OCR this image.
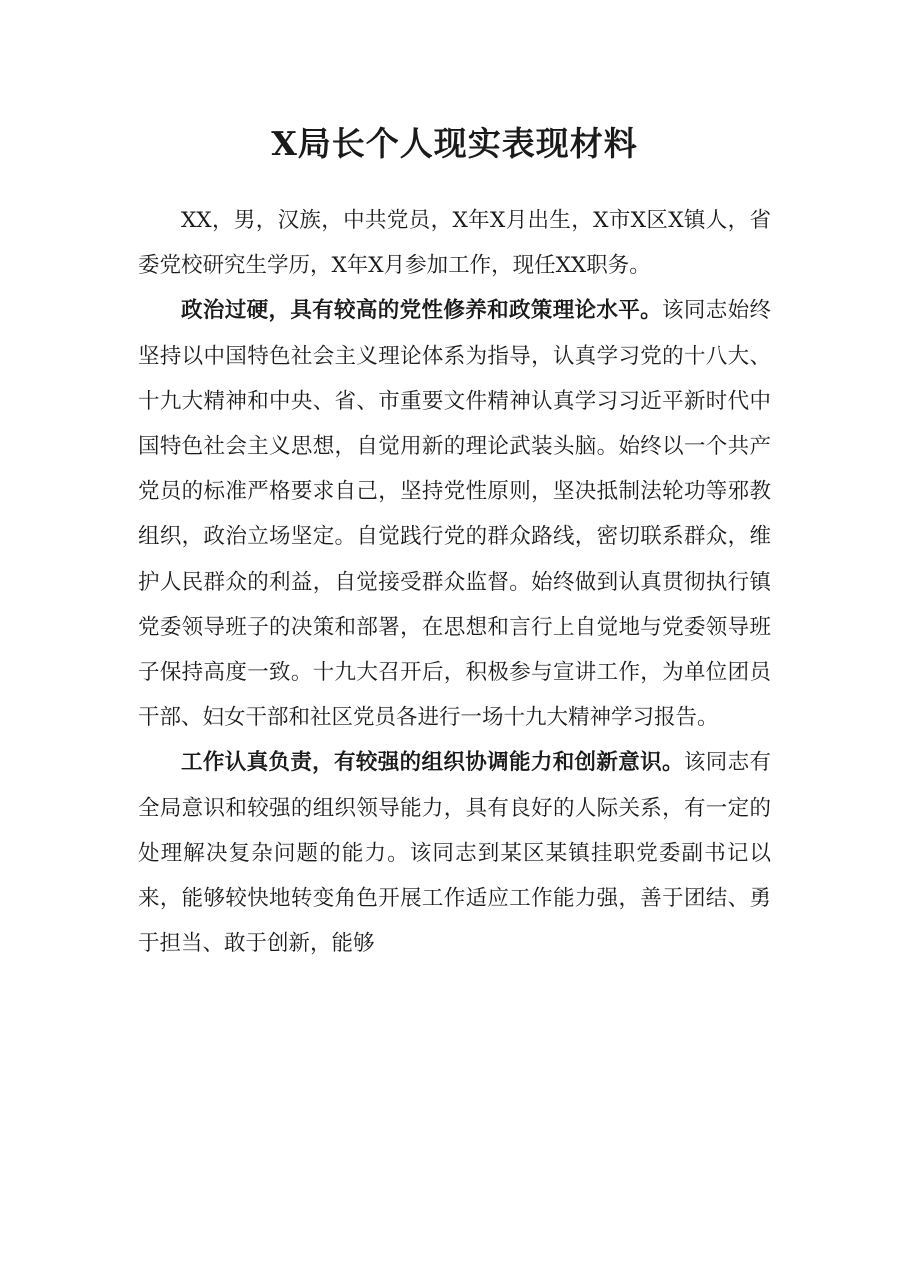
X局长个人现实表现材料

XX，男，汉族，中共党员，X年X月出生，X市X区X镇人，省委党校研究生学历，X年X月参加工作，现任XX职务。

政治过硬，具有较高的党性修养和政策理论水平。该同志始终坚持以中国特色社会主义理论体系为指导，认真学习党的十八大、十九大精神和中央、省、市重要文件精神认真学习习近平新时代中国特色社会主义思想，自觉用新的理论武装头脑。始终以一个共产党员的标准严格要求自己，坚持党性原则，坚决抵制法轮功等邪教组织，政治立场坚定。自觉践行党的群众路线，密切联系群众，维护人民群众的利益，自觉接受群众监督。始终做到认真贯彻执行镇党委领导班子的决策和部署，在思想和言行上自觉地与党委领导班子保持高度一致。十九大召开后，积极参与宣讲工作，为单位团员干部、妇女干部和社区党员各进行一场十九大精神学习报告。

工作认真负责，有较强的组织协调能力和创新意识。该同志有全局意识和较强的组织领导能力，具有良好的人际关系，有一定的处理解决复杂问题的能力。该同志到某区某镇挂职党委副书记以来，能够较快地转变角色开展工作适应工作能力强，善于团结、勇于担当、敢于创新，能够
